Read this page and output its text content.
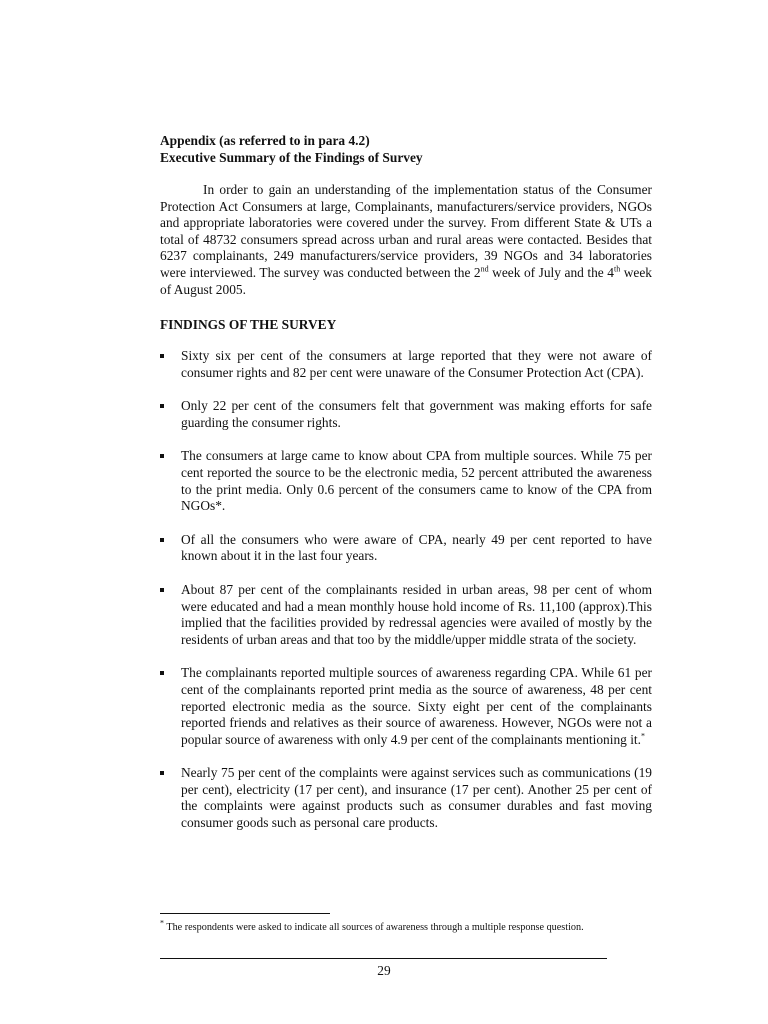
Appendix (as referred to in para 4.2)

Executive Summary of the Findings of Survey

In order to gain an understanding of the implementation status of the Consumer Protection Act Consumers at large, Complainants, manufacturers/service providers, NGOs and appropriate laboratories were covered under the survey. From different State & UTs a total of 48732 consumers spread across urban and rural areas were contacted. Besides that 6237 complainants, 249 manufacturers/service providers, 39 NGOs and 34 laboratories were interviewed. The survey was conducted between the 2nd week of July and the 4th week of August 2005.

FINDINGS OF THE SURVEY
Sixty six per cent of the consumers at large reported that they were not aware of consumer rights and 82 per cent were unaware of the Consumer Protection Act (CPA).
Only 22 per cent of the consumers felt that government was making efforts for safe guarding the consumer rights.
The consumers at large came to know about CPA from multiple sources. While 75 per cent reported the source to be the electronic media, 52 percent attributed the awareness to the print media. Only 0.6 percent of the consumers came to know of the CPA from NGOs*.
Of all the consumers who were aware of CPA, nearly 49 per cent reported to have known about it in the last four years.
About 87 per cent of the complainants resided in urban areas, 98 per cent of whom were educated and had a mean monthly house hold income of Rs. 11,100 (approx).This implied that the facilities provided by redressal agencies were availed of mostly by the residents of urban areas and that too by the middle/upper middle strata of the society.
The complainants reported multiple sources of awareness regarding CPA. While 61 per cent of the complainants reported print media as the source of awareness, 48 per cent reported electronic media as the source. Sixty eight per cent of the complainants reported friends and relatives as their source of awareness. However, NGOs were not a popular source of awareness with only 4.9 per cent of the complainants mentioning it.*
Nearly 75 per cent of the complaints were against services such as communications (19 per cent), electricity (17 per cent), and insurance (17 per cent). Another 25 per cent of the complaints were against products such as consumer durables and fast moving consumer goods such as personal care products.
* The respondents were asked to indicate all sources of awareness through a multiple response question.
29
